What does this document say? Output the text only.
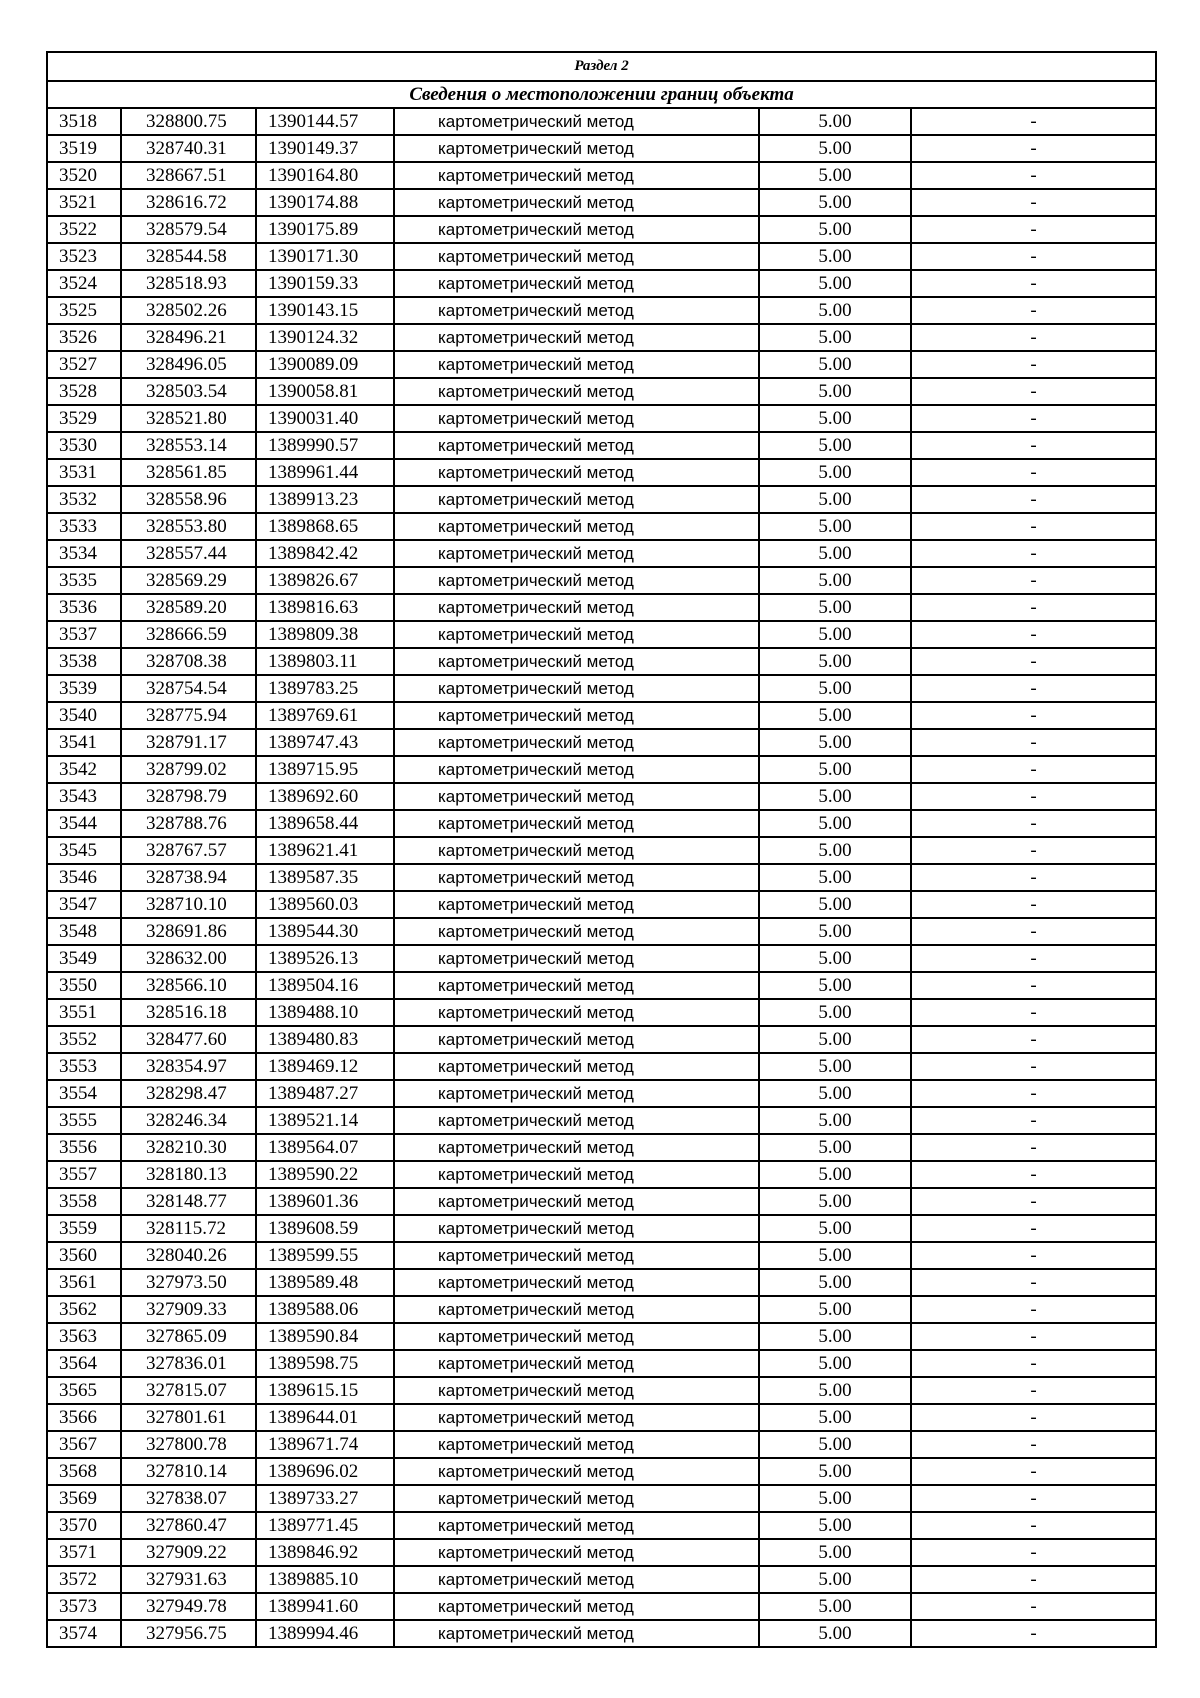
Раздел 2					
Сведения о местоположении границ объекта					
3518	328800.75	1390144.57	картометрический метод	5.00	-
3519	328740.31	1390149.37	картометрический метод	5.00	-
3520	328667.51	1390164.80	картометрический метод	5.00	-
3521	328616.72	1390174.88	картометрический метод	5.00	-
3522	328579.54	1390175.89	картометрический метод	5.00	-
3523	328544.58	1390171.30	картометрический метод	5.00	-
3524	328518.93	1390159.33	картометрический метод	5.00	-
3525	328502.26	1390143.15	картометрический метод	5.00	-
3526	328496.21	1390124.32	картометрический метод	5.00	-
3527	328496.05	1390089.09	картометрический метод	5.00	-
3528	328503.54	1390058.81	картометрический метод	5.00	-
3529	328521.80	1390031.40	картометрический метод	5.00	-
3530	328553.14	1389990.57	картометрический метод	5.00	-
3531	328561.85	1389961.44	картометрический метод	5.00	-
3532	328558.96	1389913.23	картометрический метод	5.00	-
3533	328553.80	1389868.65	картометрический метод	5.00	-
3534	328557.44	1389842.42	картометрический метод	5.00	-
3535	328569.29	1389826.67	картометрический метод	5.00	-
3536	328589.20	1389816.63	картометрический метод	5.00	-
3537	328666.59	1389809.38	картометрический метод	5.00	-
3538	328708.38	1389803.11	картометрический метод	5.00	-
3539	328754.54	1389783.25	картометрический метод	5.00	-
3540	328775.94	1389769.61	картометрический метод	5.00	-
3541	328791.17	1389747.43	картометрический метод	5.00	-
3542	328799.02	1389715.95	картометрический метод	5.00	-
3543	328798.79	1389692.60	картометрический метод	5.00	-
3544	328788.76	1389658.44	картометрический метод	5.00	-
3545	328767.57	1389621.41	картометрический метод	5.00	-
3546	328738.94	1389587.35	картометрический метод	5.00	-
3547	328710.10	1389560.03	картометрический метод	5.00	-
3548	328691.86	1389544.30	картометрический метод	5.00	-
3549	328632.00	1389526.13	картометрический метод	5.00	-
3550	328566.10	1389504.16	картометрический метод	5.00	-
3551	328516.18	1389488.10	картометрический метод	5.00	-
3552	328477.60	1389480.83	картометрический метод	5.00	-
3553	328354.97	1389469.12	картометрический метод	5.00	-
3554	328298.47	1389487.27	картометрический метод	5.00	-
3555	328246.34	1389521.14	картометрический метод	5.00	-
3556	328210.30	1389564.07	картометрический метод	5.00	-
3557	328180.13	1389590.22	картометрический метод	5.00	-
3558	328148.77	1389601.36	картометрический метод	5.00	-
3559	328115.72	1389608.59	картометрический метод	5.00	-
3560	328040.26	1389599.55	картометрический метод	5.00	-
3561	327973.50	1389589.48	картометрический метод	5.00	-
3562	327909.33	1389588.06	картометрический метод	5.00	-
3563	327865.09	1389590.84	картометрический метод	5.00	-
3564	327836.01	1389598.75	картометрический метод	5.00	-
3565	327815.07	1389615.15	картометрический метод	5.00	-
3566	327801.61	1389644.01	картометрический метод	5.00	-
3567	327800.78	1389671.74	картометрический метод	5.00	-
3568	327810.14	1389696.02	картометрический метод	5.00	-
3569	327838.07	1389733.27	картометрический метод	5.00	-
3570	327860.47	1389771.45	картометрический метод	5.00	-
3571	327909.22	1389846.92	картометрический метод	5.00	-
3572	327931.63	1389885.10	картометрический метод	5.00	-
3573	327949.78	1389941.60	картометрический метод	5.00	-
3574	327956.75	1389994.46	картометрический метод	5.00	-
